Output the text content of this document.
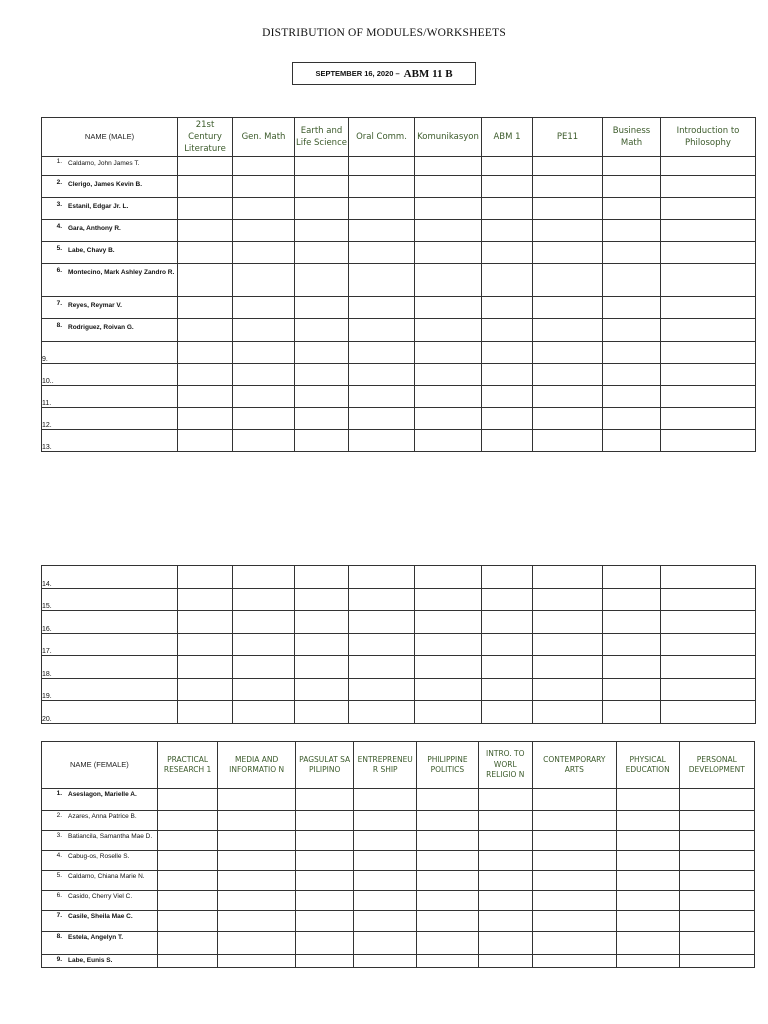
DISTRIBUTION OF MODULES/WORKSHEETS
SEPTEMBER 16, 2020 – ABM 11 B
NAME (MALE)	21st Century Literature	Gen. Math	Earth and Life Science	Oral Comm.	Komunikasyon	ABM 1	PE11	Business Math	Introduction to Philosophy

1. Caldamo, John James T.									

2. Clerigo, James Kevin B.									

3. Estanil, Edgar Jr. L.									

4. Gara, Anthony R.									

5. Labe, Chavy B.									

6. Montecino, Mark Ashley Zandro R.									

7. Reyes, Reymar V.									

8. Rodriguez, Roivan G.									

9.									
10..									
11.									
12.									
13.									
14.									
15.									
16.									
17.									
18.									
19.									
20.									
NAME (FEMALE)	PRACTICAL RESEARCH 1	MEDIA AND INFORMATIO N	PAGSULAT SA PILIPINO	ENTREPRENEU R SHIP	PHILIPPINE POLITICS	INTRO. TO WORL RELIGIO N	CONTEMPORARY ARTS	PHYSICAL EDUCATION	PERSONAL DEVELOPMENT

1. Aseslagon, Marielle A.									

2. Azares, Anna Patrice B.									

3. Batiancila, Samantha Mae D.									

4. Cabug-os, Roselle S.									

5. Caldamo, Chiana Marie N.									

6. Casido, Cherry Viel C.									

7. Casile, Sheila Mae C.									

8. Estela, Angelyn T.									

9. Labe, Eunis S.									
